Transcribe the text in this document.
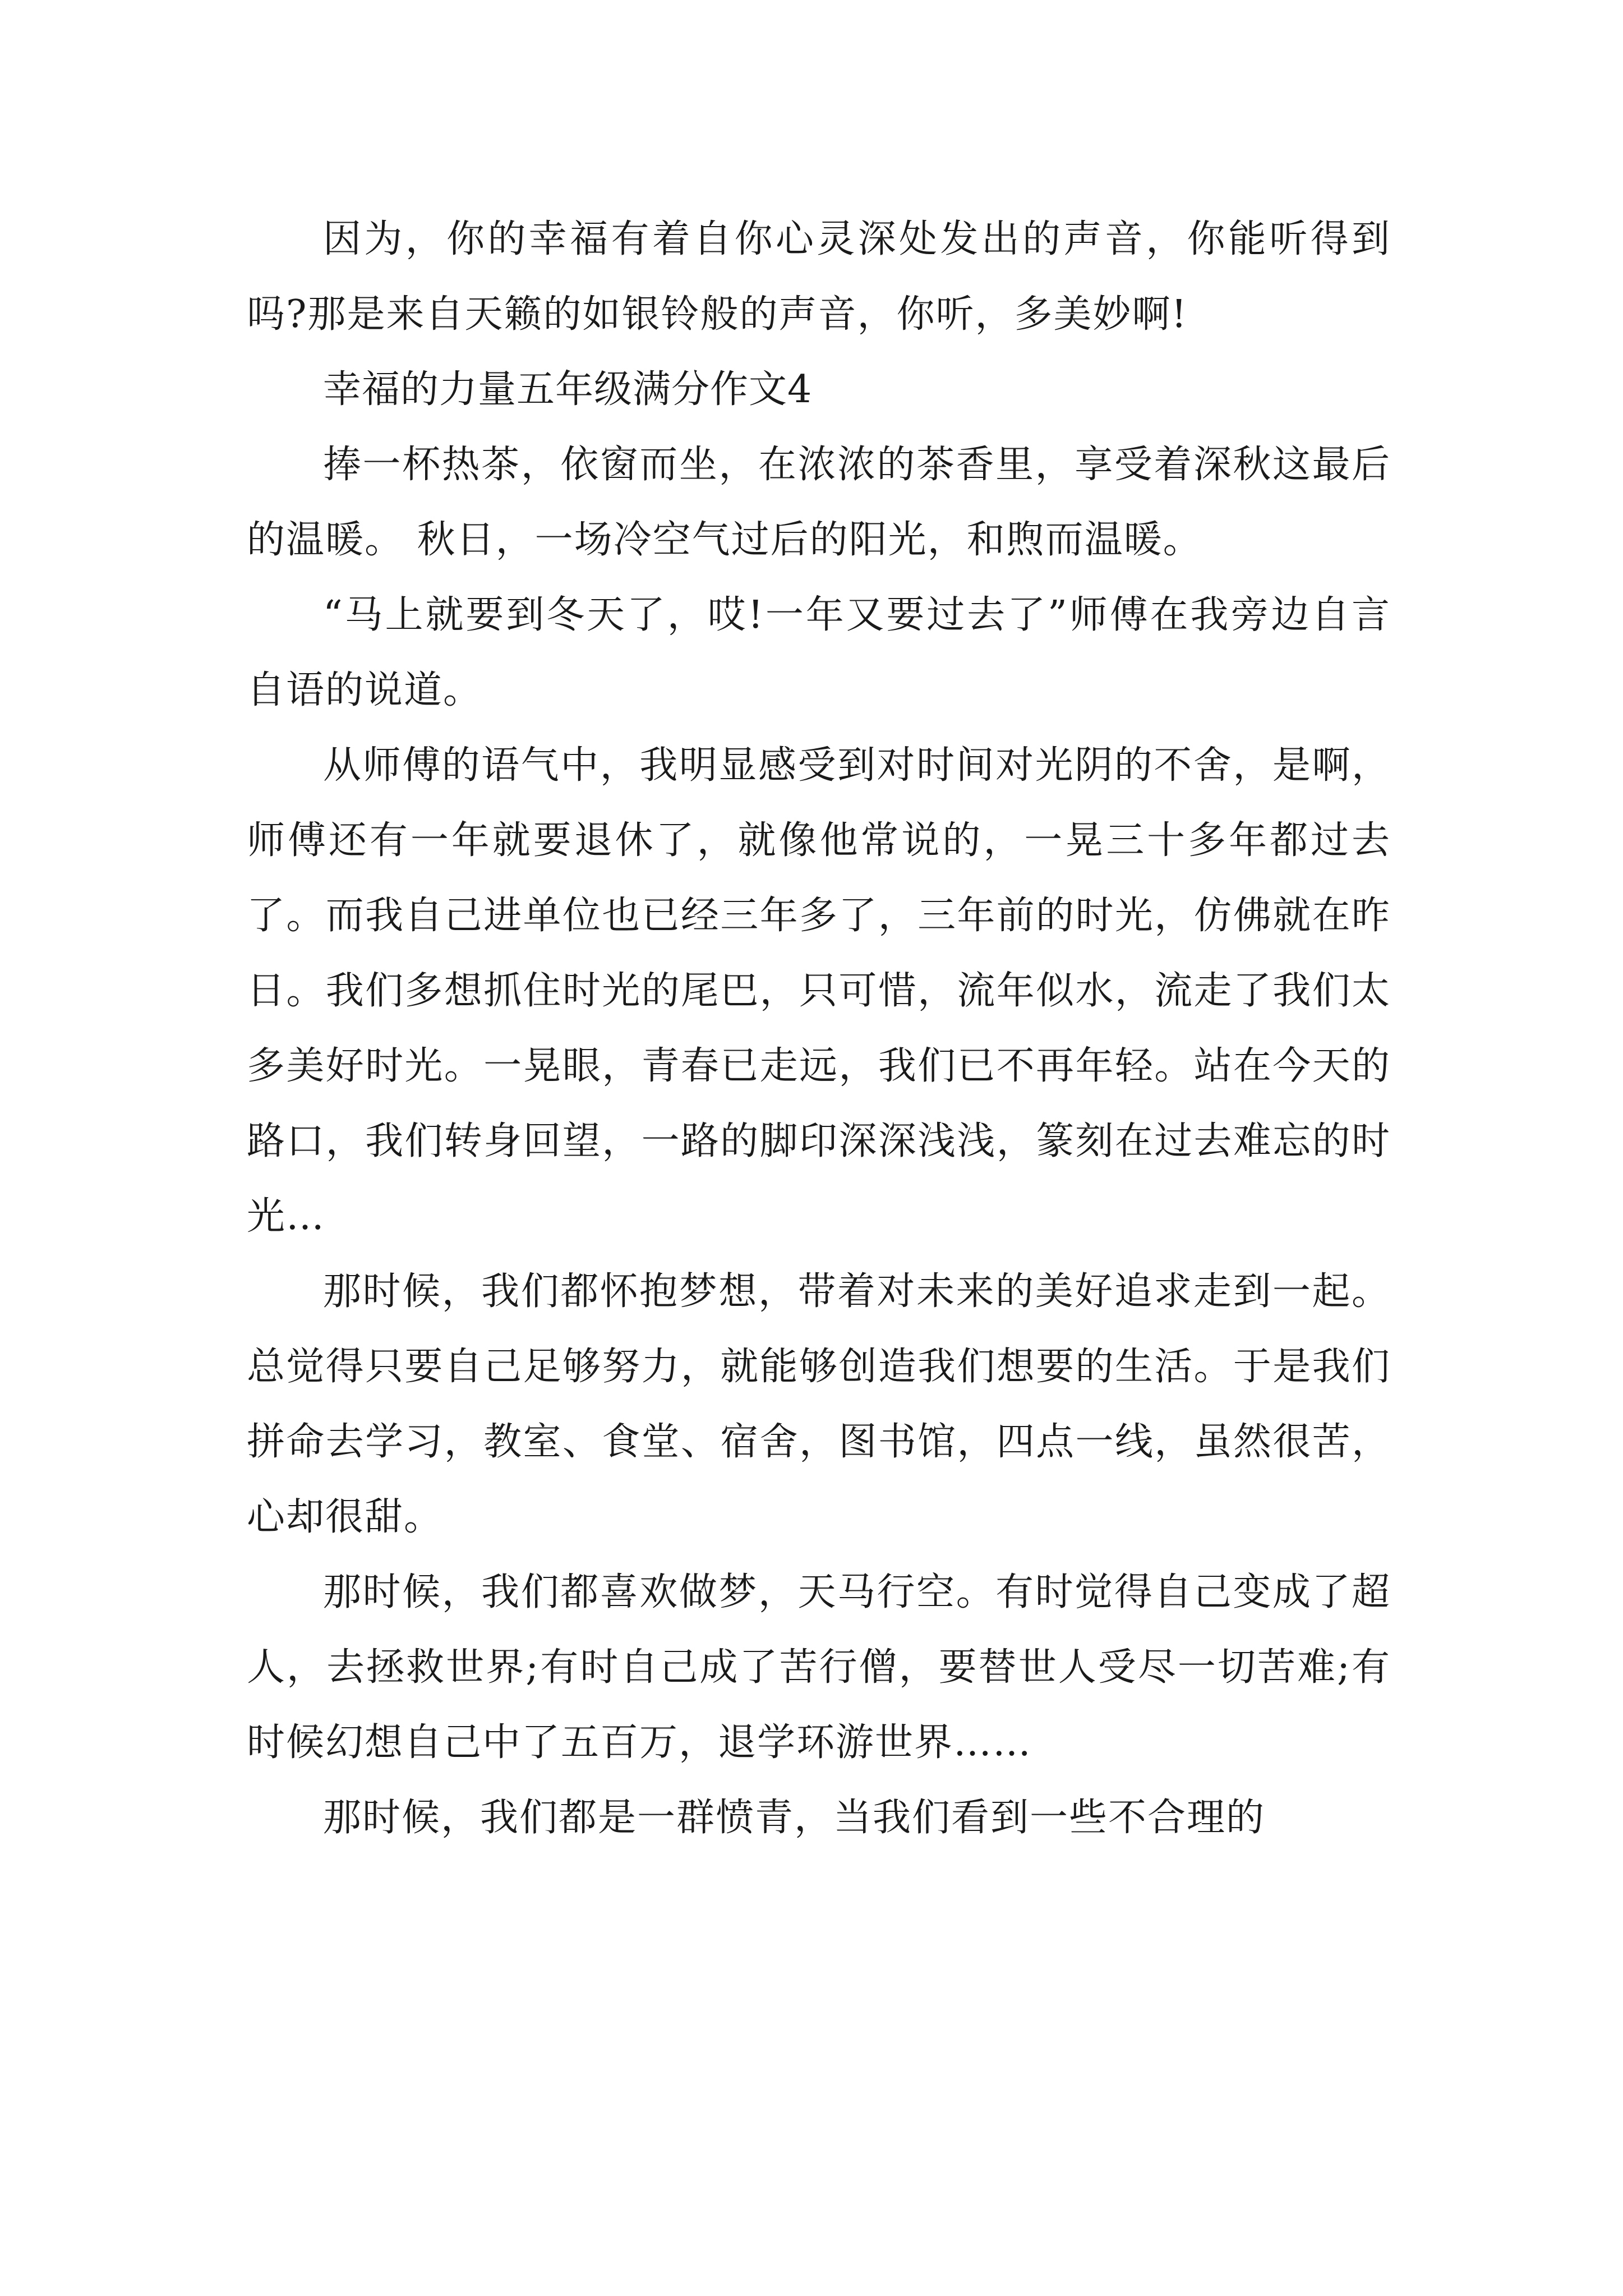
因为，你的幸福有着自你心灵深处发出的声音，你能听得到吗?那是来自天籁的如银铃般的声音，你听，多美妙啊!

幸福的力量五年级满分作文4

捧一杯热茶，依窗而坐，在浓浓的茶香里，享受着深秋这最后的温暖。 秋日，一场冷空气过后的阳光，和煦而温暖。

“马上就要到冬天了，哎!一年又要过去了”师傅在我旁边自言自语的说道。

从师傅的语气中，我明显感受到对时间对光阴的不舍，是啊，师傅还有一年就要退休了，就像他常说的，一晃三十多年都过去了。而我自己进单位也已经三年多了，三年前的时光，仿佛就在昨日。我们多想抓住时光的尾巴，只可惜，流年似水，流走了我们太多美好时光。一晃眼，青春已走远，我们已不再年轻。站在今天的路口，我们转身回望，一路的脚印深深浅浅，篆刻在过去难忘的时光…

那时候，我们都怀抱梦想，带着对未来的美好追求走到一起。总觉得只要自己足够努力，就能够创造我们想要的生活。于是我们拼命去学习，教室、食堂、宿舍，图书馆，四点一线，虽然很苦，心却很甜。

那时候，我们都喜欢做梦，天马行空。有时觉得自己变成了超人，去拯救世界;有时自己成了苦行僧，要替世人受尽一切苦难;有时候幻想自己中了五百万，退学环游世界……

那时候，我们都是一群愤青，当我们看到一些不合理的
